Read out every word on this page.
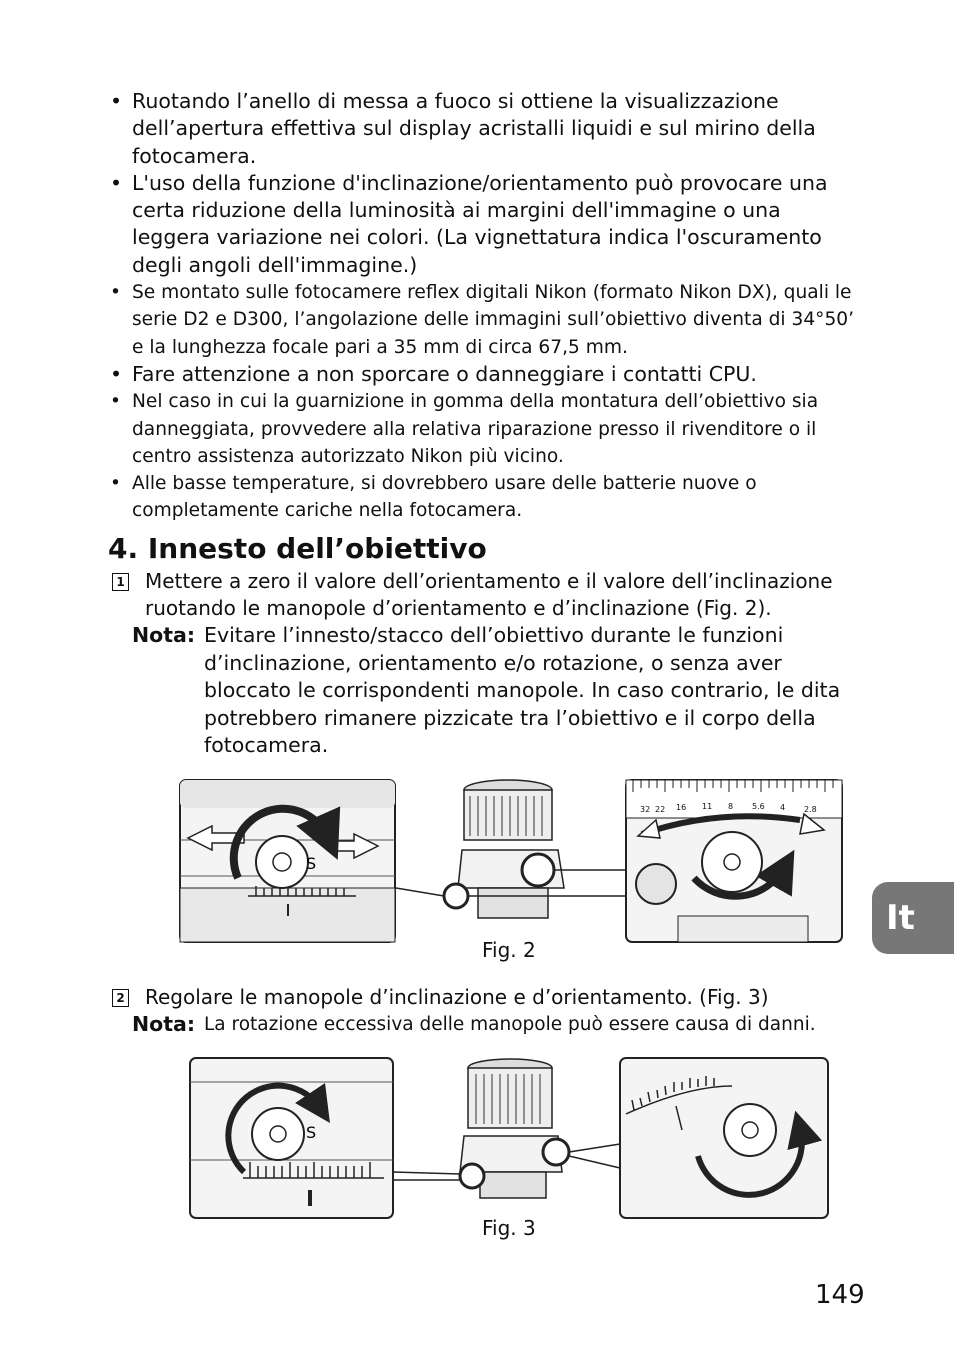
• Ruotando l’anello di messa a fuoco si ottiene la visualizzazione dell’apertura effettiva sul display acristalli liquidi e sul mirino della fotocamera.
• L'uso della funzione d'inclinazione/orientamento può provocare una certa riduzione della luminosità ai margini dell'immagine o una leggera variazione nei colori. (La vignettatura indica l'oscuramento degli angoli dell'immagine.)
• Se montato sulle fotocamere reflex digitali Nikon (formato Nikon DX), quali le serie D2 e D300, l’angolazione delle immagini sull’obiettivo diventa di 34°50’ e la lunghezza focale pari a 35 mm di circa 67,5 mm.
• Fare attenzione a non sporcare o danneggiare i contatti CPU.
• Nel caso in cui la guarnizione in gomma della montatura dell’obiettivo sia danneggiata, provvedere alla relativa riparazione presso il rivenditore o il centro assistenza autorizzato Nikon più vicino.
• Alle basse temperature, si dovrebbero usare delle batterie nuove o completamente cariche nella fotocamera.
4. Innesto dell’obiettivo
1	Mettere a zero il valore dell’orientamento e il valore dell’inclinazione ruotando le manopole d’orientamento e d’inclinazione (Fig. 2).
Nota: Evitare l’innesto/stacco dell’obiettivo durante le funzioni d’inclinazione, orientamento e/o rotazione, o senza aver bloccato le corrispondenti manopole. In caso contrario, le dita potrebbero rimanere pizzicate tra l’obiettivo e il corpo della fotocamera.
S
32 22 16 11 8 5.6 4 2.8
Fig. 2
2	Regolare le manopole d’inclinazione e d’orientamento. (Fig. 3)
Nota: La rotazione eccessiva delle manopole può essere causa di danni.
S
Fig. 3
It
149
